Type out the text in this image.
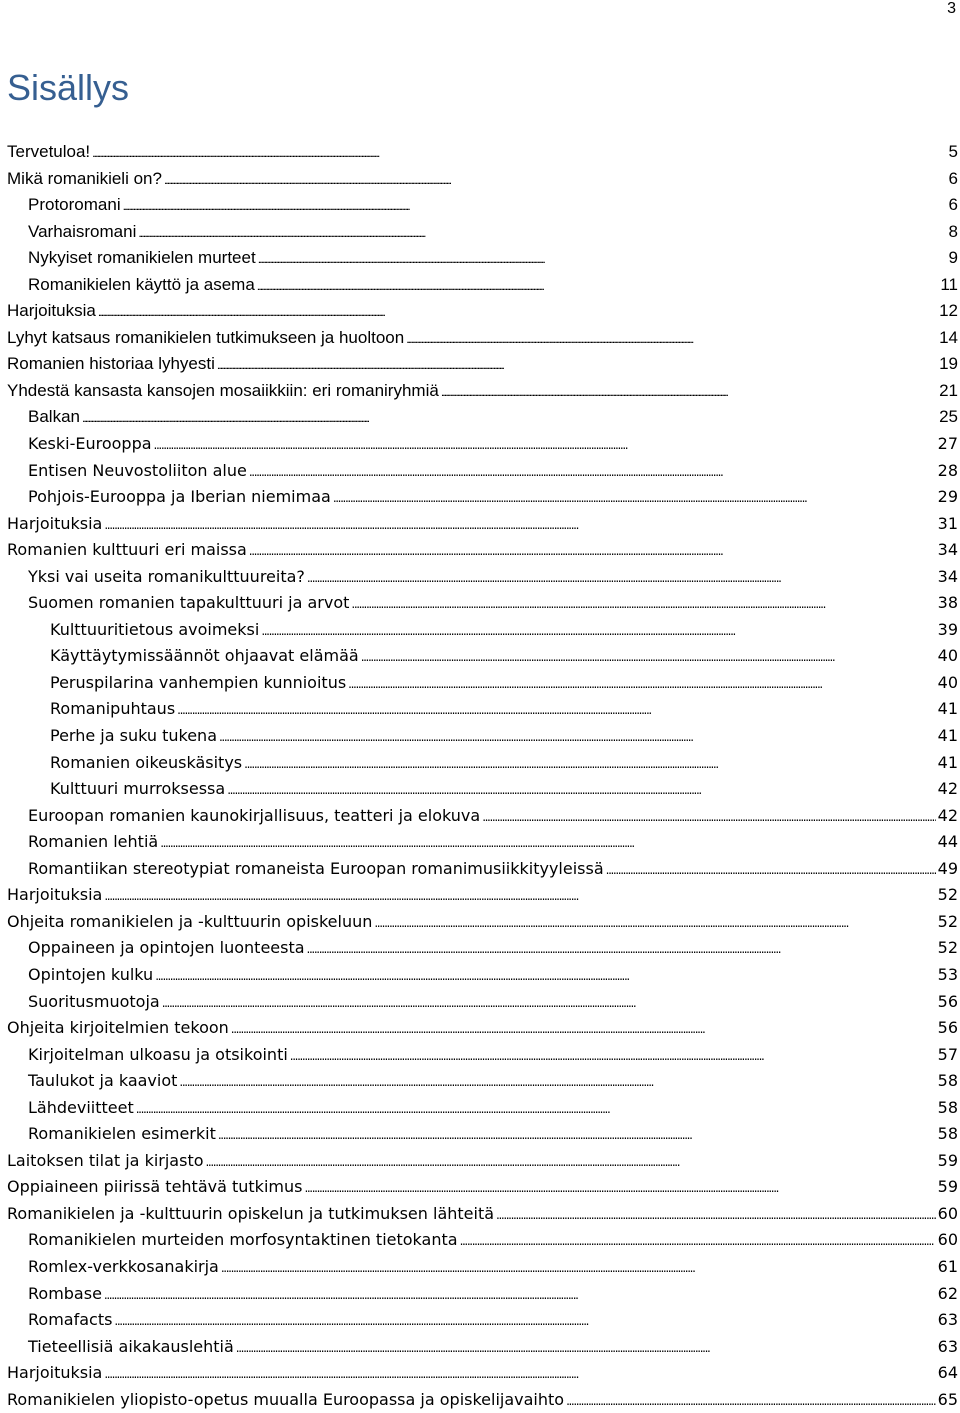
3
Sisällys
Tervetuloa! . . .	5
Mikä romanikieli on? . . .	6
Protoromani . . .	6
Varhaisromani . . .	8
Nykyiset romanikielen murteet . . .	9
Romanikielen käyttö ja asema . . .	11
Harjoituksia . . .	12
Lyhyt katsaus romanikielen tutkimukseen ja huoltoon . . .	14
Romanien historiaa lyhyesti . . .	19
Yhdestä kansasta kansojen mosaiikkiin: eri romaniryhmiä . . .	21
Balkan . . .	25
Keski-Eurooppa . . .	27
Entisen Neuvostoliiton alue . . .	28
Pohjois-Eurooppa ja Iberian niemimaa . . .	29
Harjoituksia . . .	31
Romanien kulttuuri eri maissa . . .	34
Yksi vai useita romanikulttuureita? . . .	34
Suomen romanien tapakulttuuri ja arvot . . .	38
Kulttuuritietous avoimeksi . . .	39
Käyttäytymissäännöt ohjaavat elämää . . .	40
Peruspilarina vanhempien kunnioitus . . .	40
Romanipuhtaus . . .	41
Perhe ja suku tukena . . .	41
Romanien oikeuskäsitys . . .	41
Kulttuuri murroksessa . . .	42
Euroopan romanien kaunokirjallisuus, teatteri ja elokuva . . .	42
Romanien lehtiä . . .	44
Romantiikan stereotypiat romaneista Euroopan romanimusiikkityyleissä . . .	49
Harjoituksia . . .	52
Ohjeita romanikielen ja -kulttuurin opiskeluun . . .	52
Oppaineen ja opintojen luonteesta . . .	52
Opintojen kulku . . .	53
Suoritusmuotoja . . .	56
Ohjeita kirjoitelmien tekoon . . .	56
Kirjoitelman ulkoasu ja otsikointi . . .	57
Taulukot ja kaaviot . . .	58
Lähdeviitteet . . .	58
Romanikielen esimerkit . . .	58
Laitoksen tilat ja kirjasto . . .	59
Oppiaineen piirissä tehtävä tutkimus . . .	59
Romanikielen ja -kulttuurin opiskelun ja tutkimuksen lähteitä . . .	60
Romanikielen murteiden morfosyntaktinen tietokanta . . .	60
Romlex-verkkosanakirja . . .	61
Rombase . . .	62
Romafacts . . .	63
Tieteellisiä aikakauslehtiä . . .	63
Harjoituksia . . .	64
Romanikielen yliopisto-opetus muualla Euroopassa ja opiskelijavaihto . . .	65
